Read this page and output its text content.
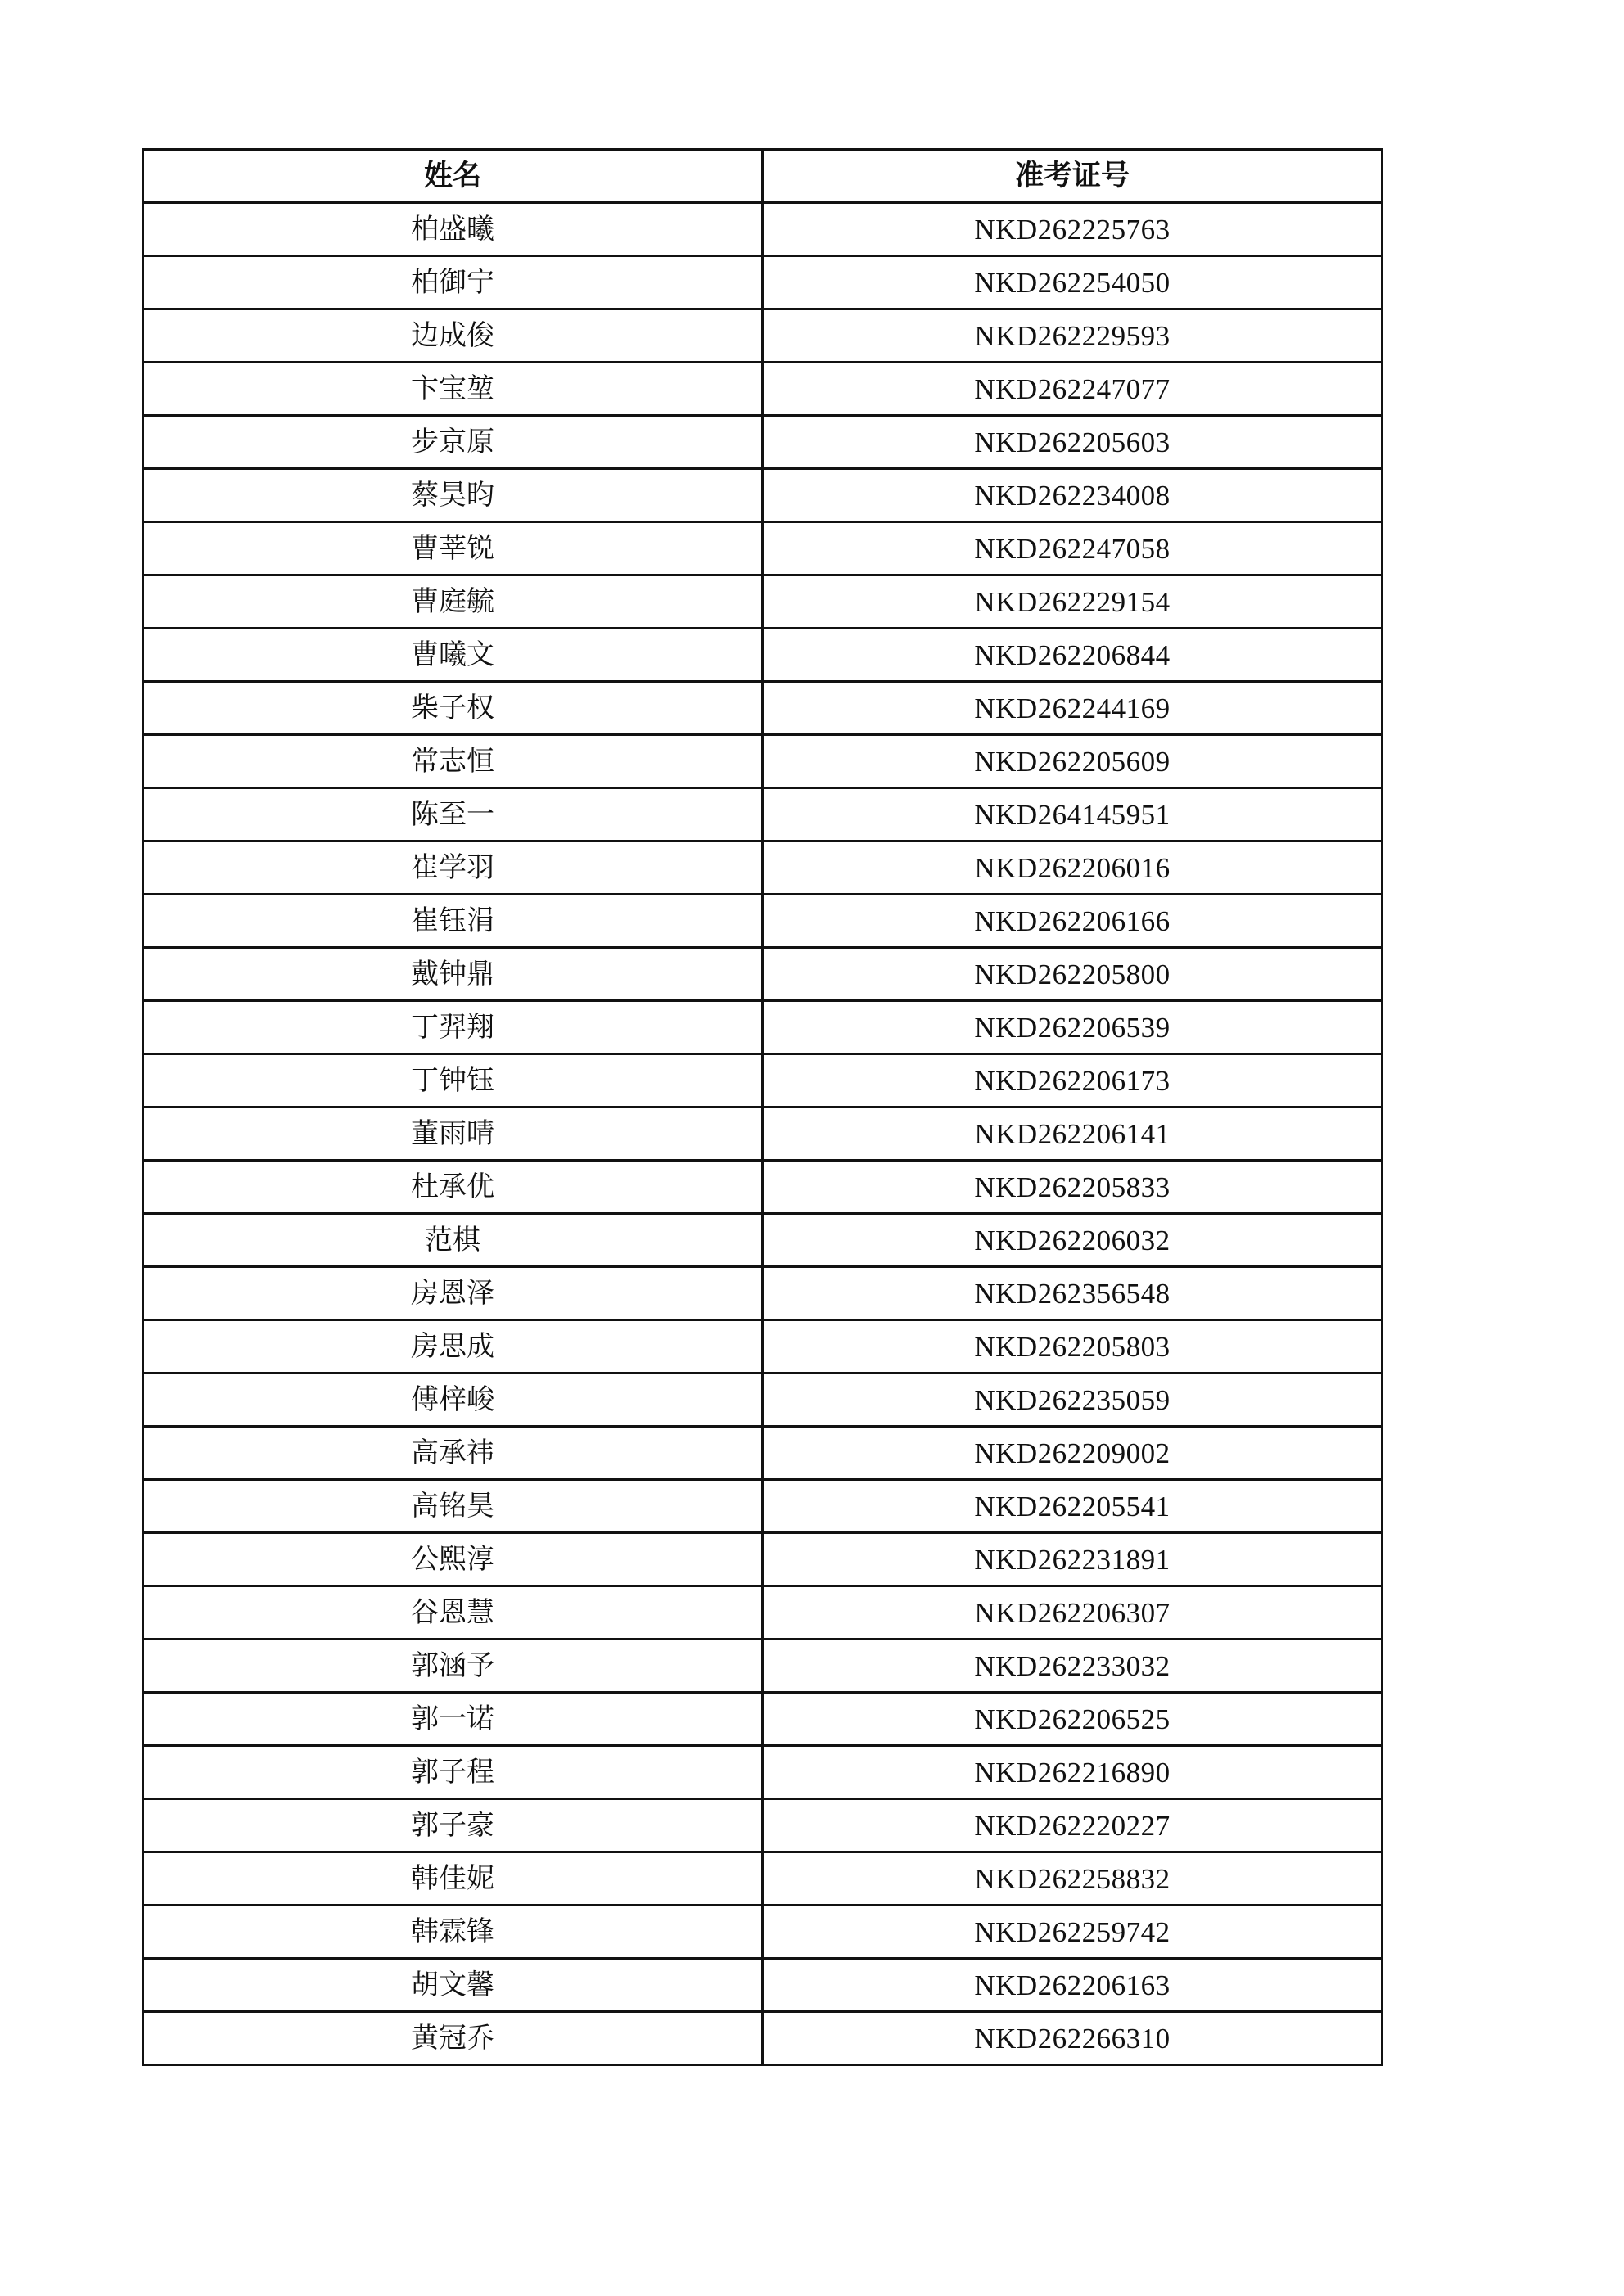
姓名	准考证号
柏盛曦	NKD262225763
柏御宁	NKD262254050
边成俊	NKD262229593
卞宝堃	NKD262247077
步京原	NKD262205603
蔡昊昀	NKD262234008
曹莘锐	NKD262247058
曹庭毓	NKD262229154
曹曦文	NKD262206844
柴子权	NKD262244169
常志恒	NKD262205609
陈至一	NKD264145951
崔学羽	NKD262206016
崔钰涓	NKD262206166
戴钟鼎	NKD262205800
丁羿翔	NKD262206539
丁钟钰	NKD262206173
董雨晴	NKD262206141
杜承优	NKD262205833
范棋	NKD262206032
房恩泽	NKD262356548
房思成	NKD262205803
傅梓峻	NKD262235059
高承祎	NKD262209002
高铭昊	NKD262205541
公熙淳	NKD262231891
谷恩慧	NKD262206307
郭涵予	NKD262233032
郭一诺	NKD262206525
郭子程	NKD262216890
郭子豪	NKD262220227
韩佳妮	NKD262258832
韩霖锋	NKD262259742
胡文馨	NKD262206163
黄冠乔	NKD262266310
